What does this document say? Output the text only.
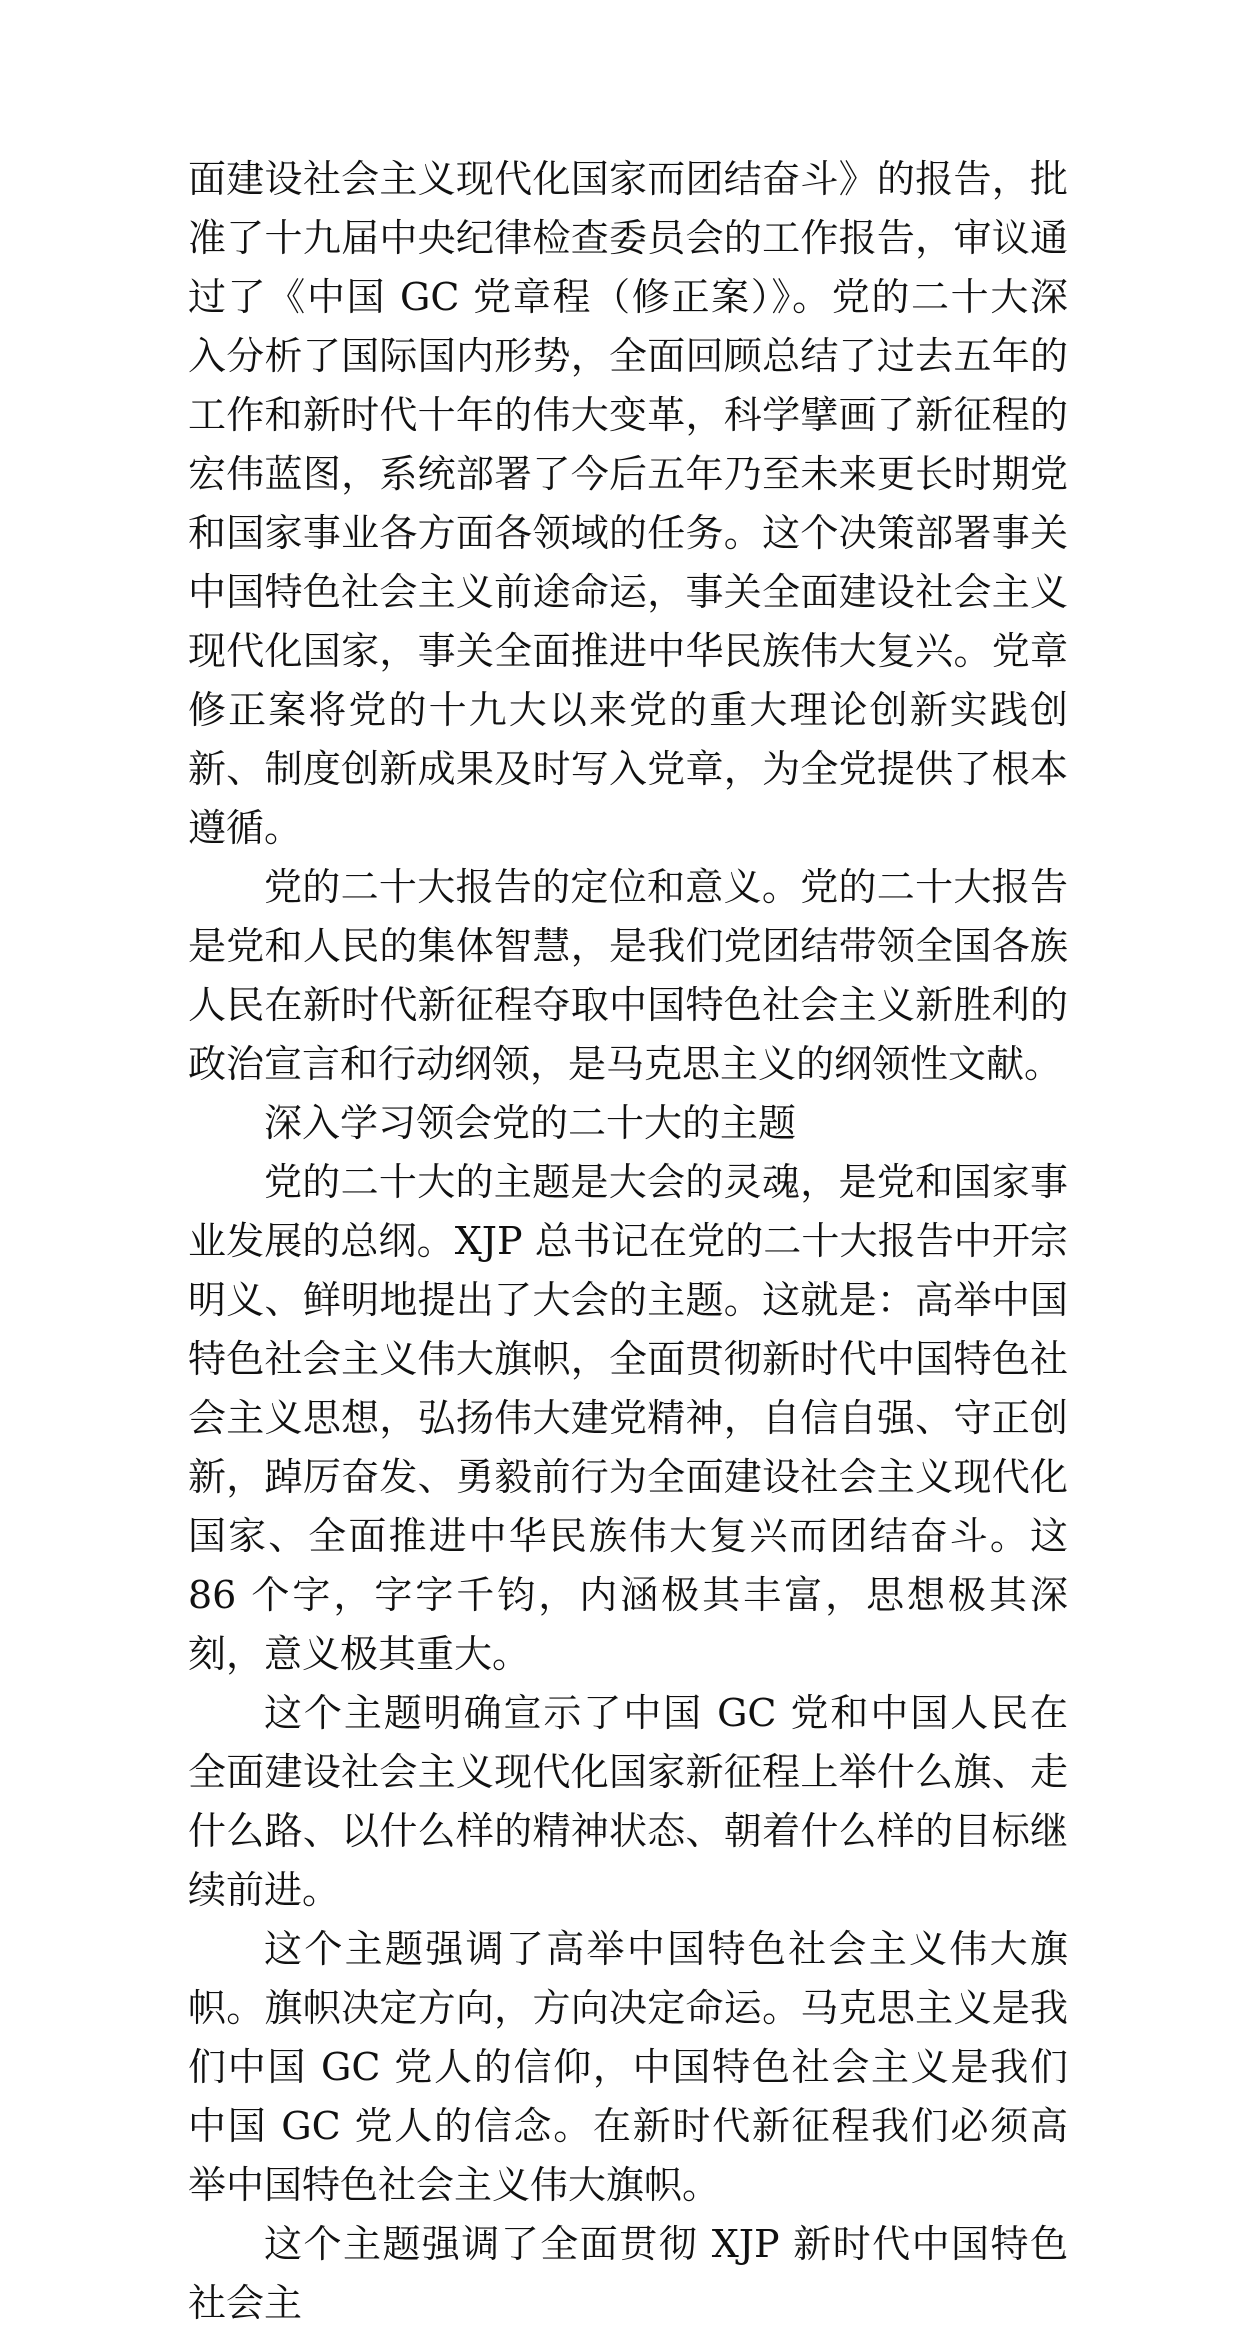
面建设社会主义现代化国家而团结奋斗》的报告，批准了十九届中央纪律检查委员会的工作报告，审议通过了《中国 GC 党章程（修正案）》。党的二十大深入分析了国际国内形势，全面回顾总结了过去五年的工作和新时代十年的伟大变革，科学擘画了新征程的宏伟蓝图，系统部署了今后五年乃至未来更长时期党和国家事业各方面各领域的任务。这个决策部署事关中国特色社会主义前途命运，事关全面建设社会主义现代化国家，事关全面推进中华民族伟大复兴。党章修正案将党的十九大以来党的重大理论创新实践创新、制度创新成果及时写入党章，为全党提供了根本遵循。

党的二十大报告的定位和意义。党的二十大报告是党和人民的集体智慧，是我们党团结带领全国各族人民在新时代新征程夺取中国特色社会主义新胜利的政治宣言和行动纲领，是马克思主义的纲领性文献。

深入学习领会党的二十大的主题

党的二十大的主题是大会的灵魂，是党和国家事业发展的总纲。XJP 总书记在党的二十大报告中开宗明义、鲜明地提出了大会的主题。这就是：高举中国特色社会主义伟大旗帜，全面贯彻新时代中国特色社会主义思想，弘扬伟大建党精神，自信自强、守正创新，踔厉奋发、勇毅前行为全面建设社会主义现代化国家、全面推进中华民族伟大复兴而团结奋斗。这 86 个字，字字千钧，内涵极其丰富，思想极其深刻，意义极其重大。

这个主题明确宣示了中国 GC 党和中国人民在全面建设社会主义现代化国家新征程上举什么旗、走什么路、以什么样的精神状态、朝着什么样的目标继续前进。

这个主题强调了高举中国特色社会主义伟大旗帜。旗帜决定方向，方向决定命运。马克思主义是我们中国 GC 党人的信仰，中国特色社会主义是我们中国 GC 党人的信念。在新时代新征程我们必须高举中国特色社会主义伟大旗帜。

这个主题强调了全面贯彻 XJP 新时代中国特色社会主
